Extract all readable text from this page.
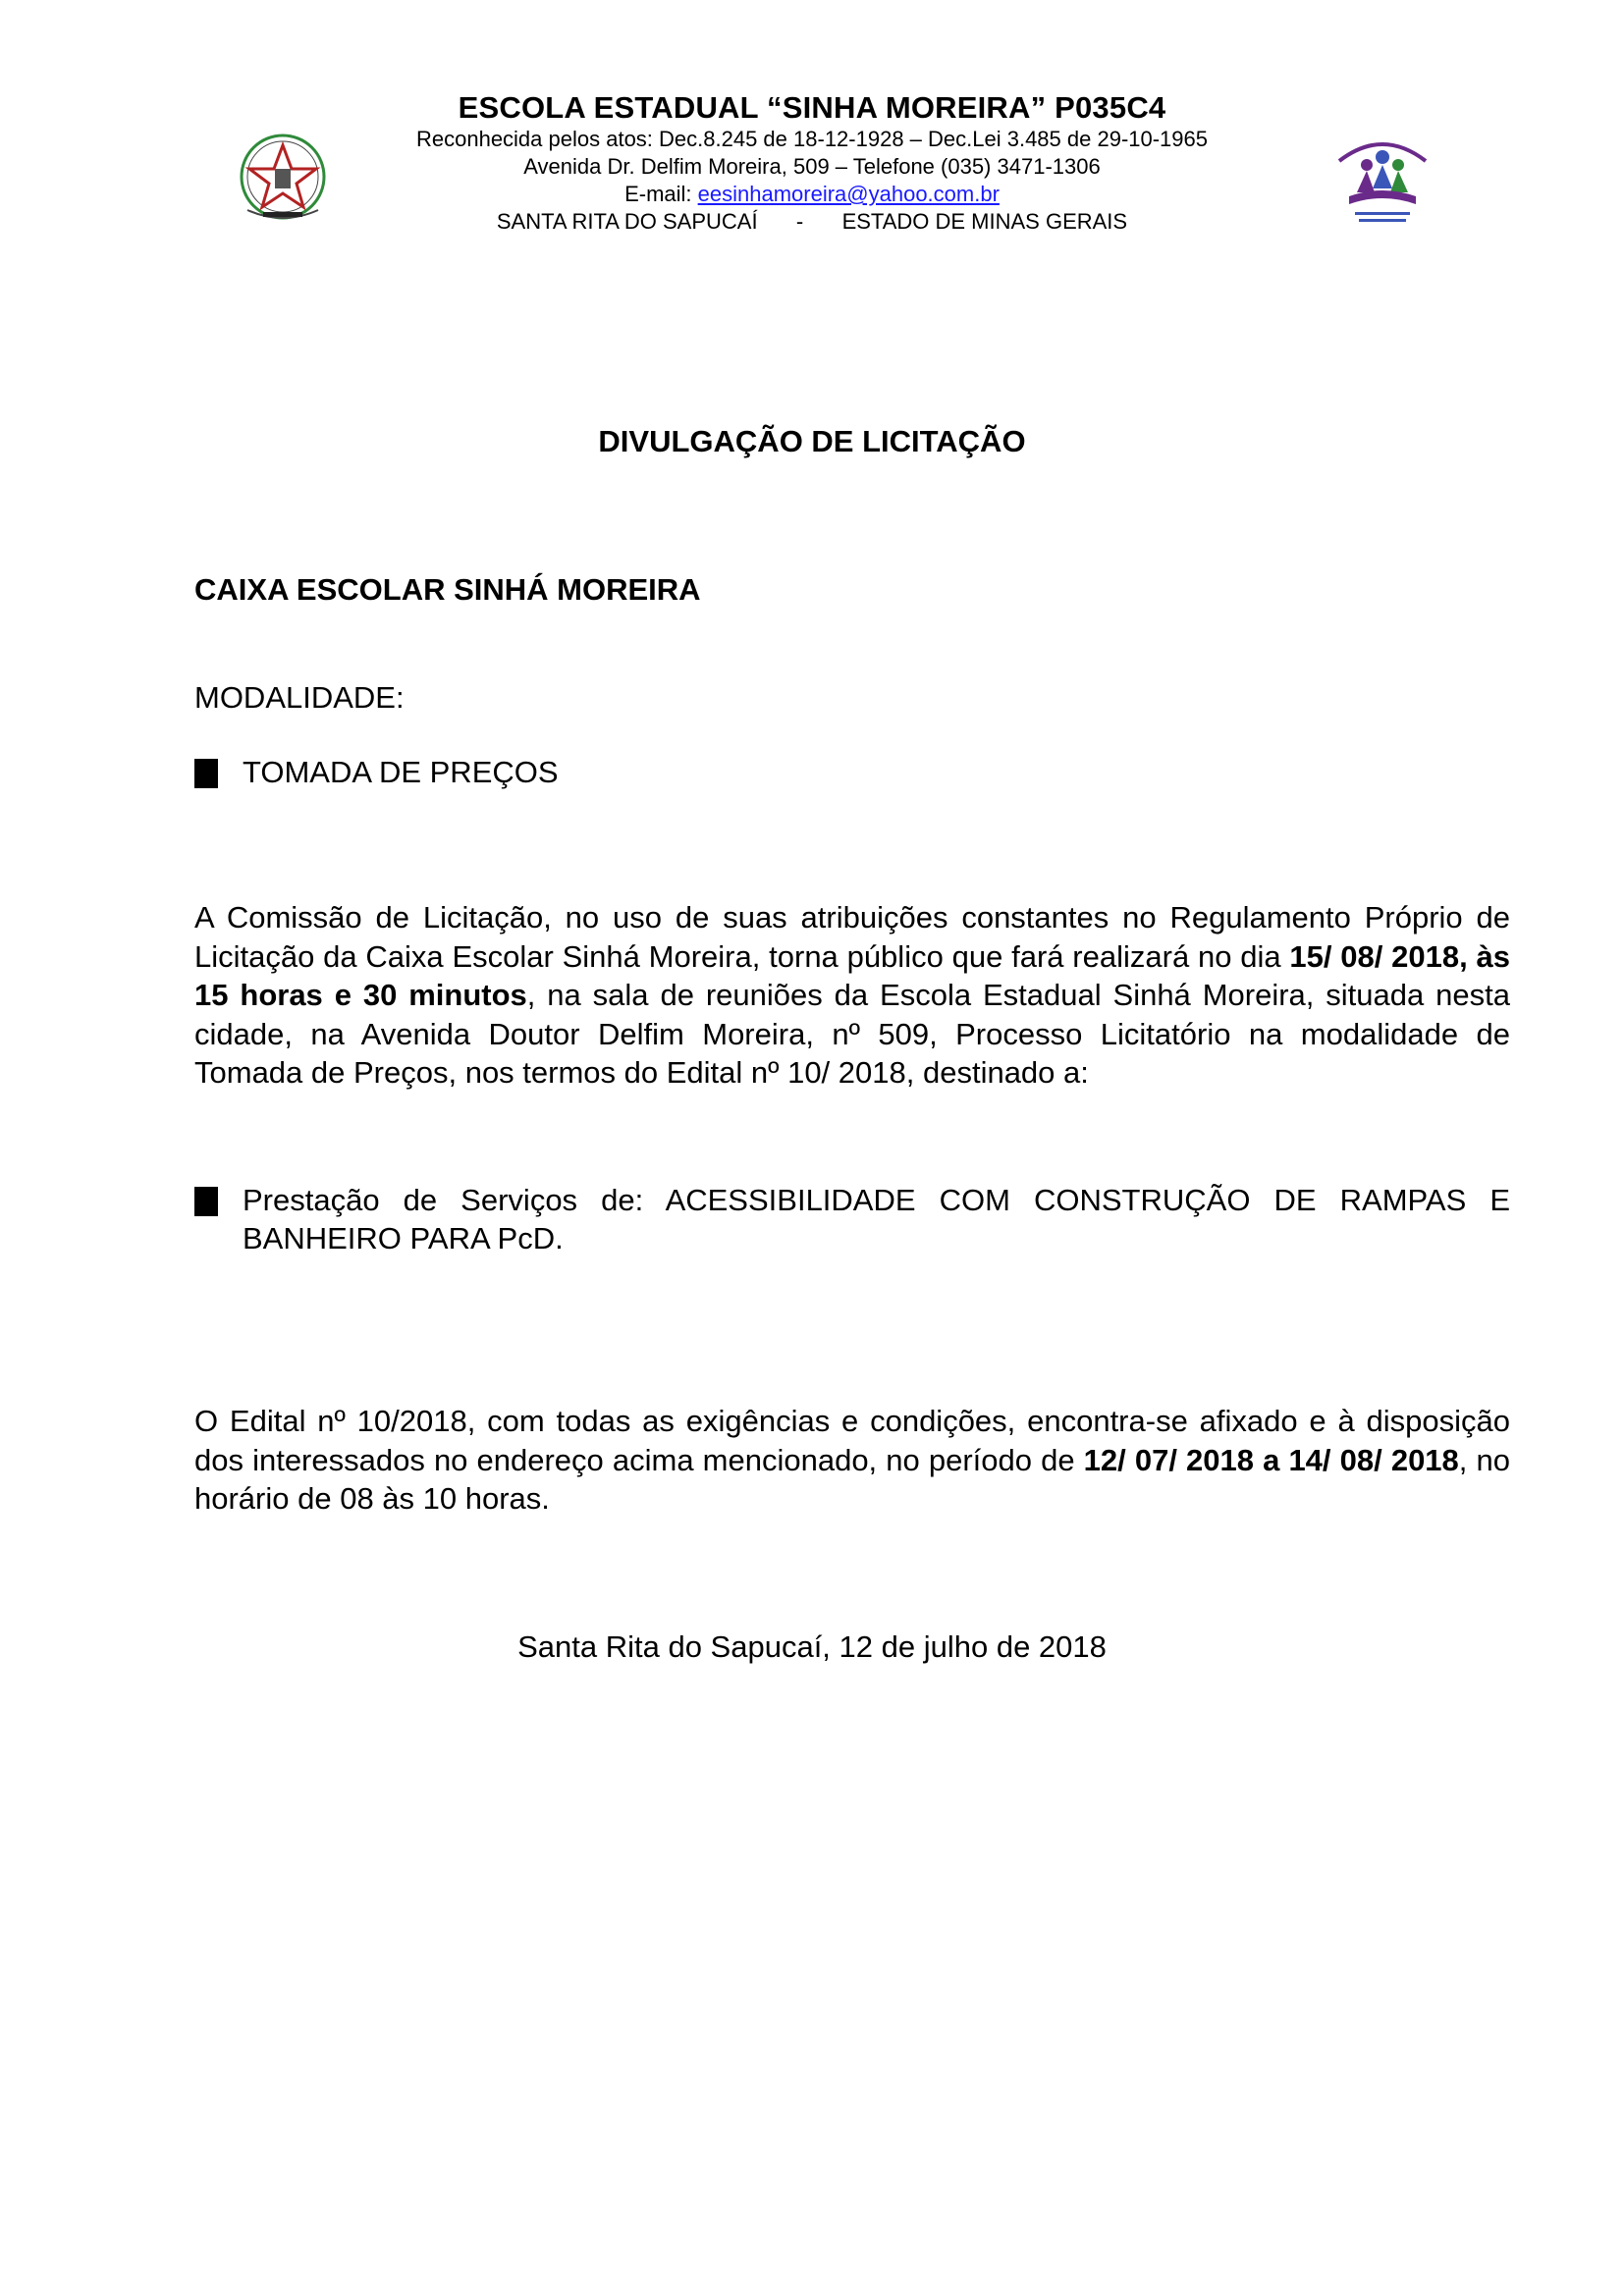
ESCOLA ESTADUAL “SINHA MOREIRA” P035C4
Reconhecida pelos atos: Dec.8.245 de 18-12-1928 – Dec.Lei 3.485 de 29-10-1965
Avenida Dr. Delfim Moreira, 509 – Telefone (035) 3471-1306
E-mail: eesinhamoreira@yahoo.com.br
SANTA RITA DO SAPUCAÍ - ESTADO DE MINAS GERAIS
DIVULGAÇÃO DE LICITAÇÃO
CAIXA ESCOLAR SINHÁ MOREIRA
MODALIDADE:
TOMADA DE PREÇOS
A Comissão de Licitação, no uso de suas atribuições constantes no Regulamento Próprio de Licitação da Caixa Escolar Sinhá Moreira, torna público que fará realizará no dia 15/ 08/ 2018, às 15 horas e 30 minutos, na sala de reuniões da Escola Estadual Sinhá Moreira, situada nesta cidade, na Avenida Doutor Delfim Moreira, nº 509, Processo Licitatório na modalidade de Tomada de Preços, nos termos do Edital nº 10/ 2018, destinado a:
Prestação de Serviços de: ACESSIBILIDADE COM CONSTRUÇÃO DE RAMPAS E BANHEIRO PARA PcD.
O Edital nº 10/2018, com todas as exigências e condições, encontra-se afixado e à disposição dos interessados no endereço acima mencionado, no período de 12/ 07/ 2018 a 14/ 08/ 2018, no horário de 08 às 10 horas.
Santa Rita do Sapucaí, 12 de julho de 2018
